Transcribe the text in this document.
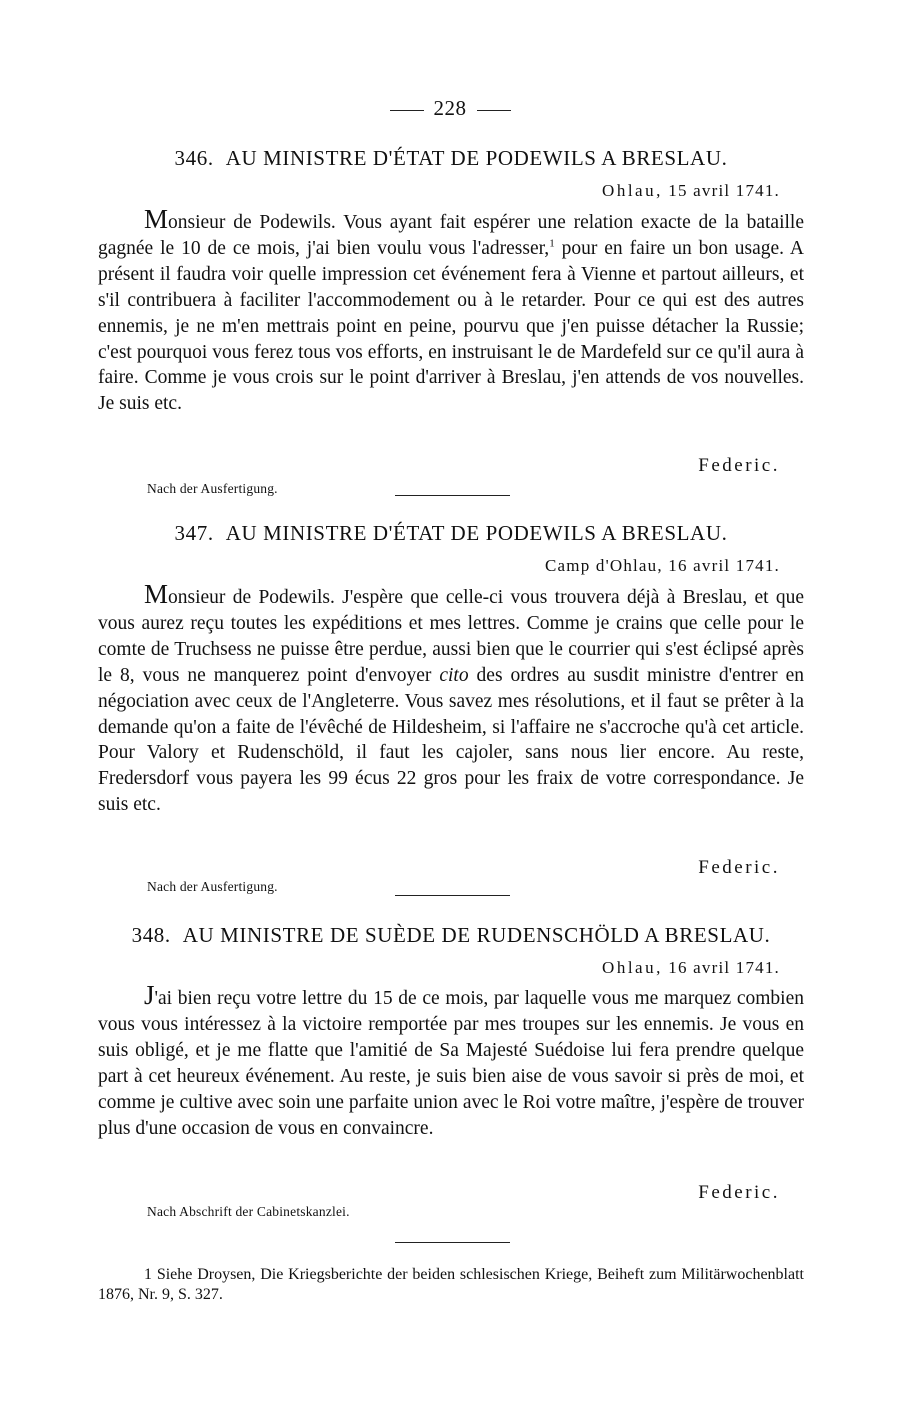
228
346. AU MINISTRE D'ÉTAT DE PODEWILS A BRESLAU.
Ohlau, 15 avril 1741.
Monsieur de Podewils. Vous ayant fait espérer une relation exacte de la bataille gagnée le 10 de ce mois, j'ai bien voulu vous l'adresser,$^1$ pour en faire un bon usage. A présent il faudra voir quelle impression cet événement fera à Vienne et partout ailleurs, et s'il contribuera à faciliter l'accommodement ou à le retarder. Pour ce qui est des autres ennemis, je ne m'en mettrais point en peine, pourvu que j'en puisse détacher la Russie; c'est pourquoi vous ferez tous vos efforts, en instruisant le de Mardefeld sur ce qu'il aura à faire. Comme je vous crois sur le point d'arriver à Breslau, j'en attends de vos nouvelles. Je suis etc.
Federic.
Nach der Ausfertigung.
347. AU MINISTRE D'ÉTAT DE PODEWILS A BRESLAU.
Camp d'Ohlau, 16 avril 1741.
Monsieur de Podewils. J'espère que celle-ci vous trouvera déjà à Breslau, et que vous aurez reçu toutes les expéditions et mes lettres. Comme je crains que celle pour le comte de Truchsess ne puisse être perdue, aussi bien que le courrier qui s'est éclipsé après le 8, vous ne manquerez point d'envoyer cito des ordres au susdit ministre d'entrer en négociation avec ceux de l'Angleterre. Vous savez mes résolutions, et il faut se prêter à la demande qu'on a faite de l'évêché de Hildesheim, si l'affaire ne s'accroche qu'à cet article. Pour Valory et Rudenschöld, il faut les cajoler, sans nous lier encore. Au reste, Fredersdorf vous payera les 99 écus 22 gros pour les fraix de votre correspondance. Je suis etc.
Federic.
Nach der Ausfertigung.
348. AU MINISTRE DE SUÈDE DE RUDENSCHÖLD A BRESLAU.
Ohlau, 16 avril 1741.
J'ai bien reçu votre lettre du 15 de ce mois, par laquelle vous me marquez combien vous vous intéressez à la victoire remportée par mes troupes sur les ennemis. Je vous en suis obligé, et je me flatte que l'amitié de Sa Majesté Suédoise lui fera prendre quelque part à cet heureux événement. Au reste, je suis bien aise de vous savoir si près de moi, et comme je cultive avec soin une parfaite union avec le Roi votre maître, j'espère de trouver plus d'une occasion de vous en convaincre.
Federic.
Nach Abschrift der Cabinetskanzlei.
1 Siehe Droysen, Die Kriegsberichte der beiden schlesischen Kriege, Beiheft zum Militärwochenblatt 1876, Nr. 9, S. 327.
